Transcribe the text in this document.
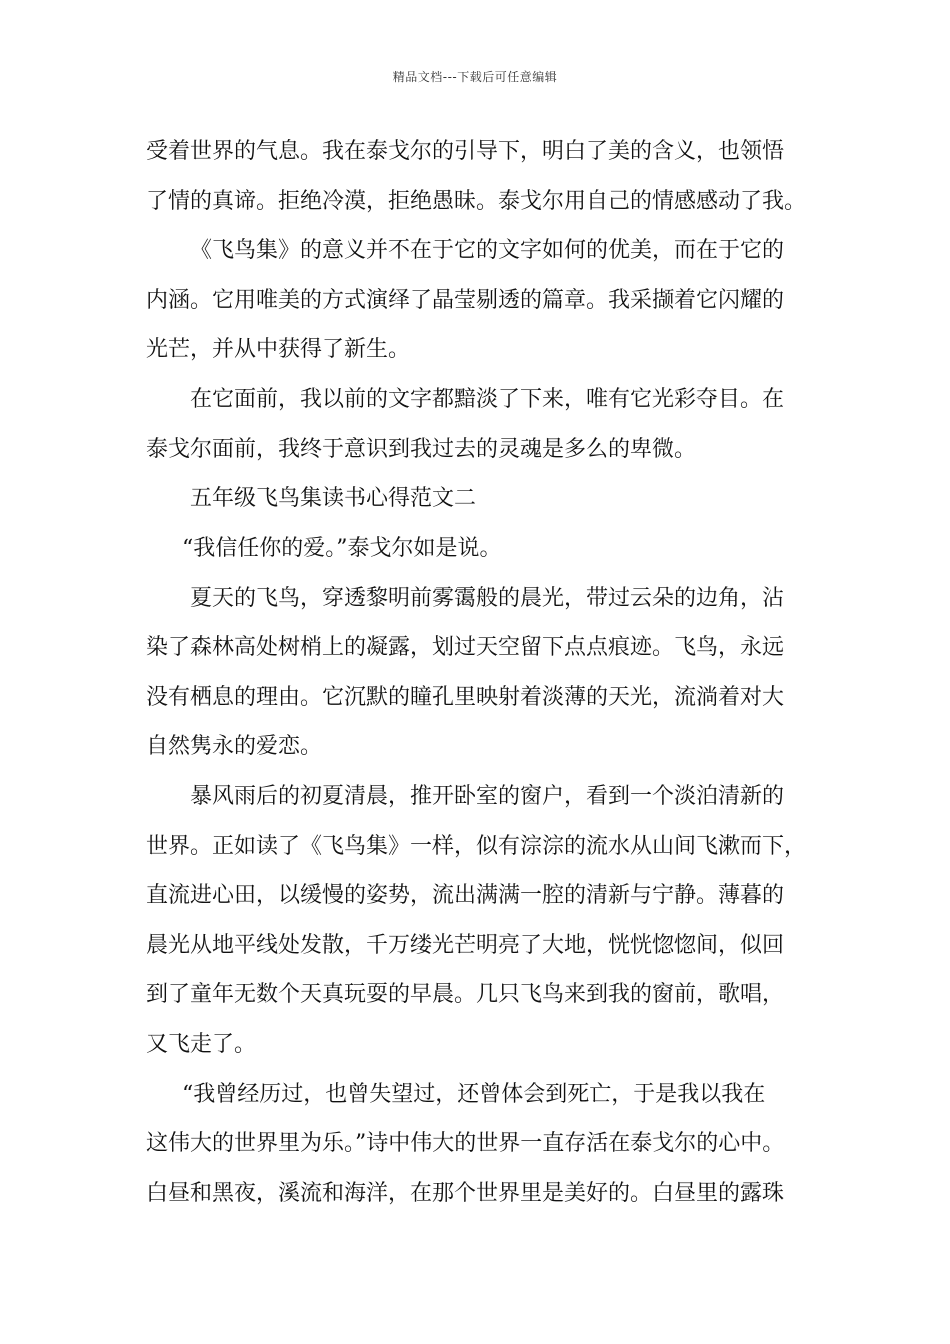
精品文档---下载后可任意编辑
受着世界的气息。我在泰戈尔的引导下，明白了美的含义，也领悟
了情的真谛。拒绝冷漠，拒绝愚昧。泰戈尔用自己的情感感动了我。
《飞鸟集》的意义并不在于它的文字如何的优美，而在于它的
内涵。它用唯美的方式演绎了晶莹剔透的篇章。我采撷着它闪耀的
光芒，并从中获得了新生。
在它面前，我以前的文字都黯淡了下来，唯有它光彩夺目。在
泰戈尔面前，我终于意识到我过去的灵魂是多么的卑微。
五年级飞鸟集读书心得范文二
“我信任你的爱。”泰戈尔如是说。
夏天的飞鸟，穿透黎明前雾霭般的晨光，带过云朵的边角，沾
染了森林高处树梢上的凝露，划过天空留下点点痕迹。飞鸟，永远
没有栖息的理由。它沉默的瞳孔里映射着淡薄的天光，流淌着对大
自然隽永的爱恋。
暴风雨后的初夏清晨，推开卧室的窗户，看到一个淡泊清新的
世界。正如读了《飞鸟集》一样，似有淙淙的流水从山间飞漱而下，
直流进心田，以缓慢的姿势，流出满满一腔的清新与宁静。薄暮的
晨光从地平线处发散，千万缕光芒明亮了大地，恍恍惚惚间，似回
到了童年无数个天真玩耍的早晨。几只飞鸟来到我的窗前，歌唱，
又飞走了。
“我曾经历过，也曾失望过，还曾体会到死亡，于是我以我在
这伟大的世界里为乐。”诗中伟大的世界一直存活在泰戈尔的心中。
白昼和黑夜，溪流和海洋，在那个世界里是美好的。白昼里的露珠
